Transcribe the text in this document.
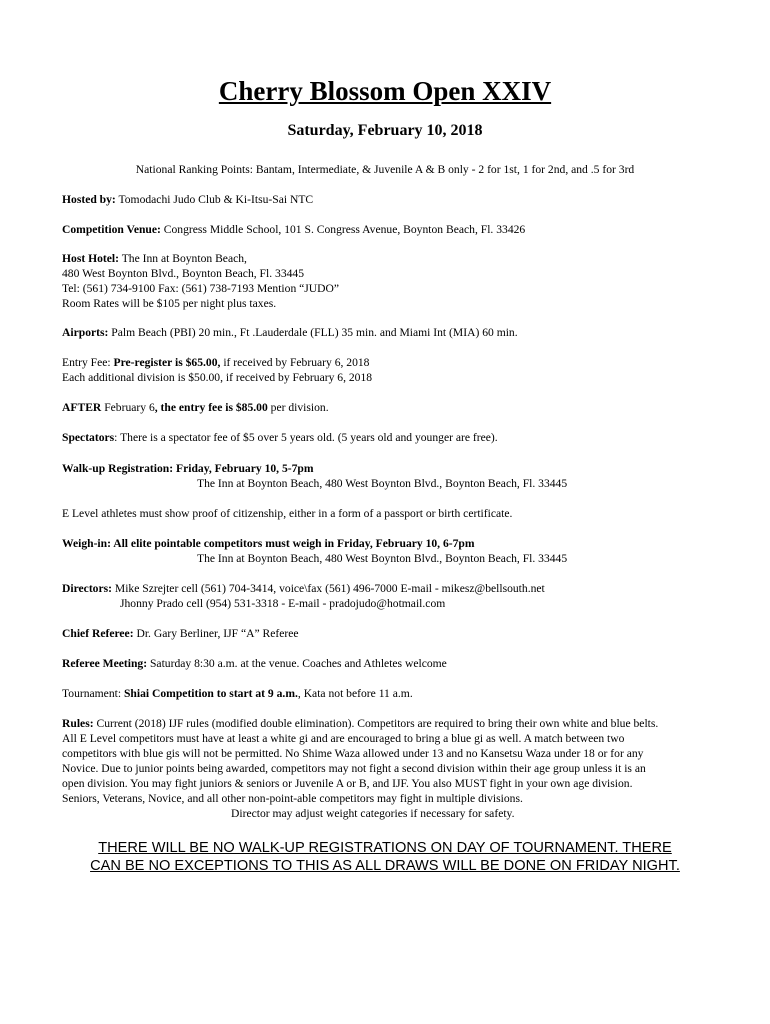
Cherry Blossom Open XXIV
Saturday, February 10, 2018
National Ranking Points: Bantam, Intermediate, & Juvenile A & B only - 2 for 1st, 1 for 2nd, and .5 for 3rd
Hosted by: Tomodachi Judo Club & Ki-Itsu-Sai NTC
Competition Venue: Congress Middle School, 101 S. Congress Avenue, Boynton Beach, Fl. 33426
Host Hotel: The Inn at Boynton Beach,
480 West Boynton Blvd., Boynton Beach, Fl. 33445
Tel: (561) 734-9100 Fax: (561) 738-7193 Mention “JUDO”
Room Rates will be $105 per night plus taxes.
Airports: Palm Beach (PBI) 20 min., Ft .Lauderdale (FLL) 35 min. and Miami Int (MIA) 60 min.
Entry Fee: Pre-register is $65.00, if received by February 6, 2018
Each additional division is $50.00, if received by February 6, 2018
AFTER February 6, the entry fee is $85.00 per division.
Spectators: There is a spectator fee of $5 over 5 years old. (5 years old and younger are free).
Walk-up Registration: Friday, February 10, 5-7pm
The Inn at Boynton Beach, 480 West Boynton Blvd., Boynton Beach, Fl. 33445
E Level athletes must show proof of citizenship, either in a form of a passport or birth certificate.
Weigh-in: All elite pointable competitors must weigh in Friday, February 10, 6-7pm
The Inn at Boynton Beach, 480 West Boynton Blvd., Boynton Beach, Fl. 33445
Directors: Mike Szrejter cell (561) 704-3414, voice\fax (561) 496-7000 E-mail - mikesz@bellsouth.net
Jhonny Prado cell (954) 531-3318 - E-mail - pradojudo@hotmail.com
Chief Referee: Dr. Gary Berliner, IJF “A” Referee
Referee Meeting: Saturday 8:30 a.m. at the venue. Coaches and Athletes welcome
Tournament: Shiai Competition to start at 9 a.m., Kata not before 11 a.m.
Rules: Current (2018) IJF rules (modified double elimination). Competitors are required to bring their own white and blue belts.
All E Level competitors must have at least a white gi and are encouraged to bring a blue gi as well. A match between two
competitors with blue gis will not be permitted. No Shime Waza allowed under 13 and no Kansetsu Waza under 18 or for any
Novice. Due to junior points being awarded, competitors may not fight a second division within their age group unless it is an
open division. You may fight juniors & seniors or Juvenile A or B, and IJF. You also MUST fight in your own age division.
Seniors, Veterans, Novice, and all other non-point-able competitors may fight in multiple divisions.
Director may adjust weight categories if necessary for safety.
THERE WILL BE NO WALK-UP REGISTRATIONS ON DAY OF TOURNAMENT. THERE
CAN BE NO EXCEPTIONS TO THIS AS ALL DRAWS WILL BE DONE ON FRIDAY NIGHT.
